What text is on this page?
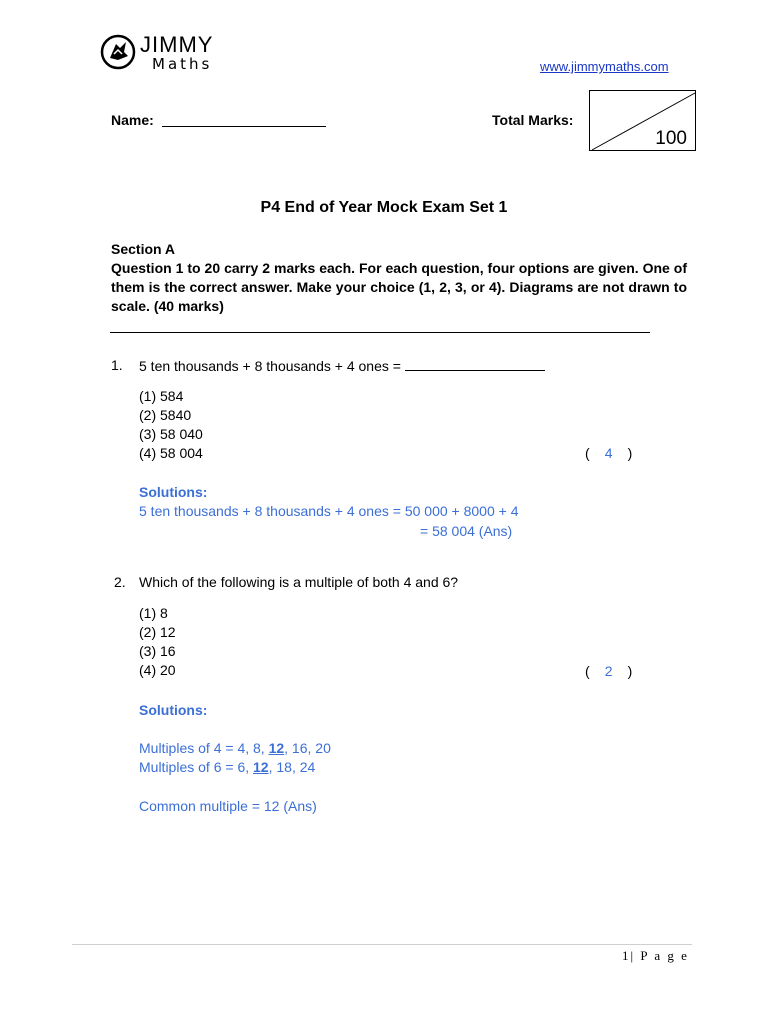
JIMMY
Maths	www.jimmymaths.com
Name:	Total Marks:
100
P4 End of Year Mock Exam Set 1
Section A
Question 1 to 20 carry 2 marks each. For each question, four options are given. One of them is the correct answer. Make your choice (1, 2, 3, or 4). Diagrams are not drawn to scale. (40 marks)
1.	5 ten thousands + 8 thousands + 4 ones =
(1) 584
(2) 5840
(3) 58 040
(4) 58 004	( 4 )
Solutions:
5 ten thousands + 8 thousands + 4 ones = 50 000 + 8000 + 4
= 58 004 (Ans)
2. Which of the following is a multiple of both 4 and 6?
(1) 8
(2) 12
(3) 16
(4) 20	( 2 )
Solutions:
Multiples of 4 = 4, 8, 12, 16, 20
Multiples of 6 = 6, 12, 18, 24
Common multiple = 12 (Ans)
1| P a g e
